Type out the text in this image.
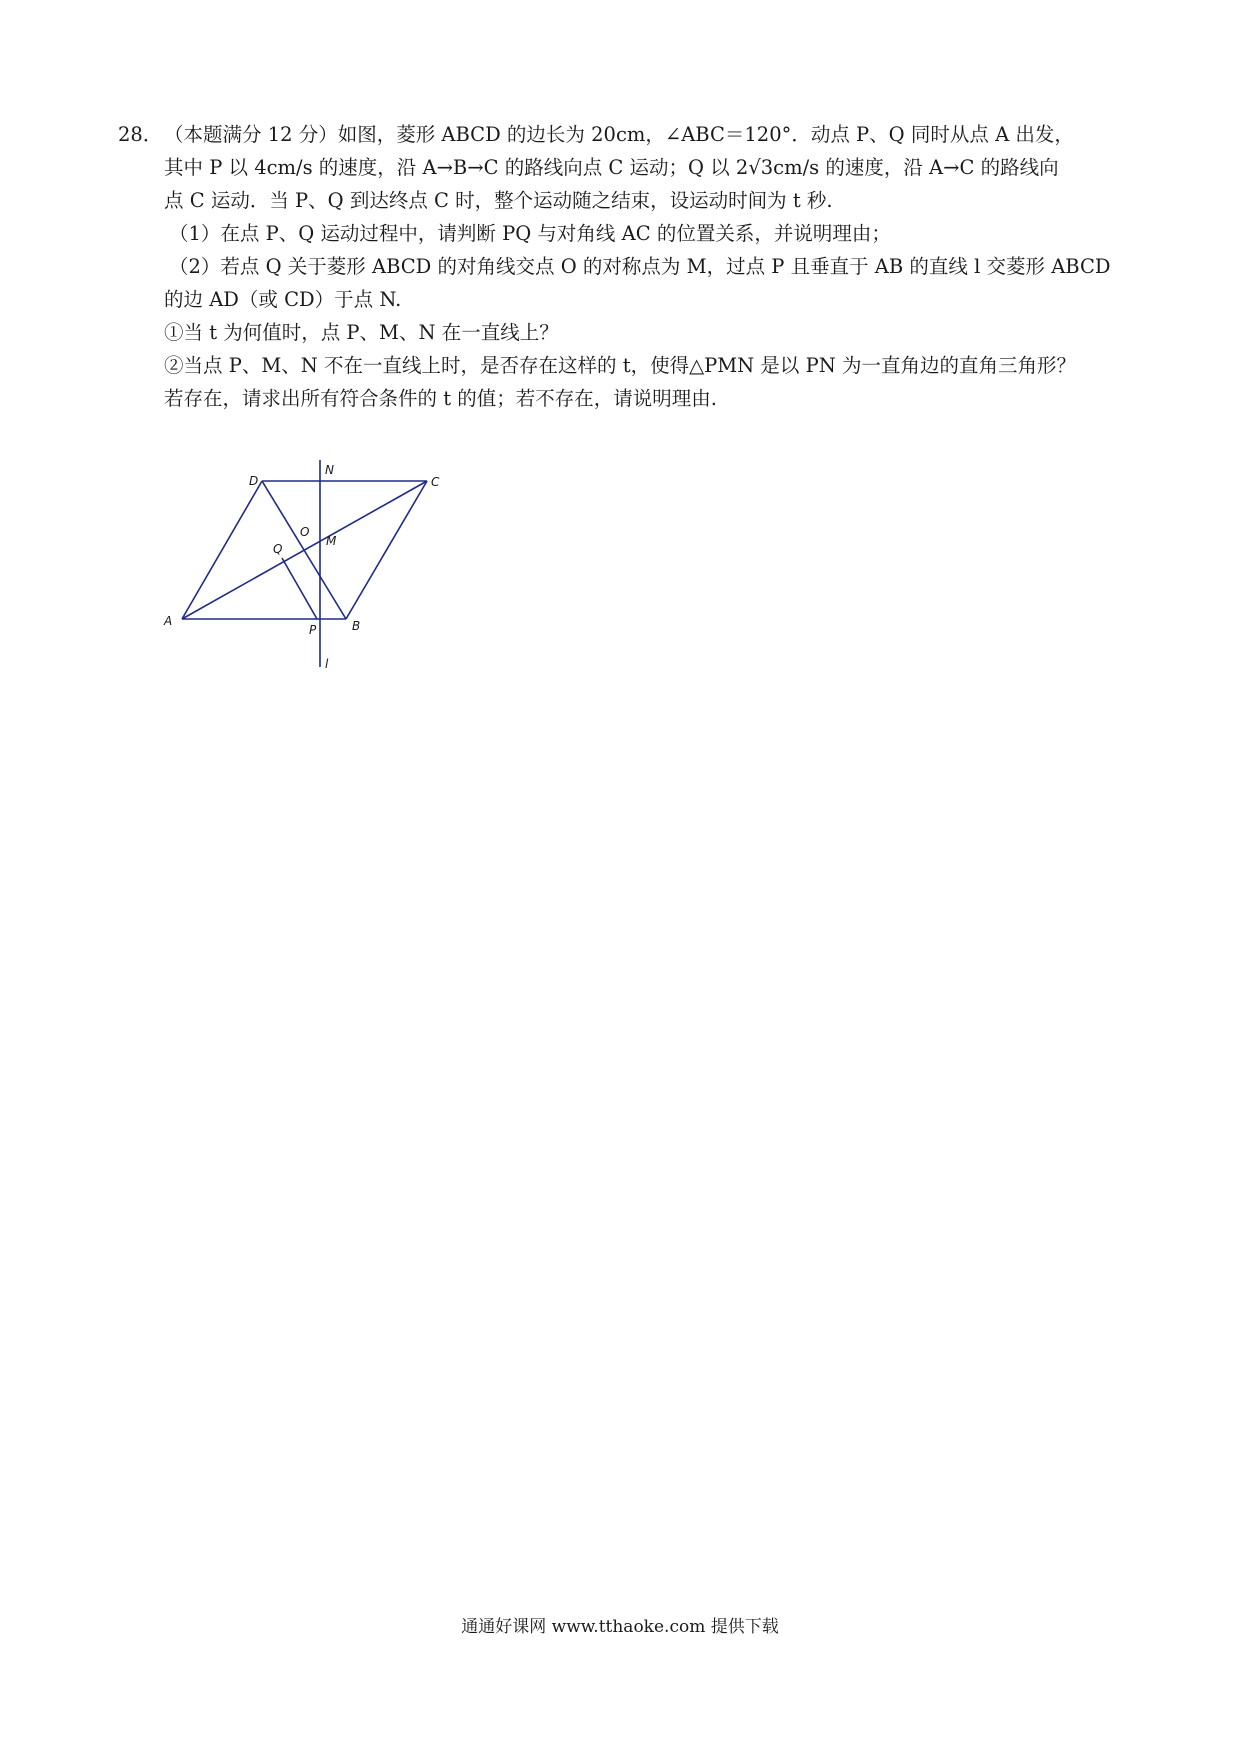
28．（本题满分 12 分）如图，菱形 ABCD 的边长为 20cm，∠ABC＝120°．动点 P、Q 同时从点 A 出发，
其中 P 以 4cm/s 的速度，沿 A→B→C 的路线向点 C 运动；Q 以 2√3cm/s 的速度，沿 A→C 的路线向
点 C 运动．当 P、Q 到达终点 C 时，整个运动随之结束，设运动时间为 t 秒.
（1）在点 P、Q 运动过程中，请判断 PQ 与对角线 AC 的位置关系，并说明理由；
（2）若点 Q 关于菱形 ABCD 的对角线交点 O 的对称点为 M，过点 P 且垂直于 AB 的直线 l 交菱形 ABCD
的边 AD（或 CD）于点 N.
①当 t 为何值时，点 P、M、N 在一直线上？
②当点 P、M、N 不在一直线上时，是否存在这样的 t，使得△PMN 是以 PN 为一直角边的直角三角形？
若存在，请求出所有符合条件的 t 的值；若不存在，请说明理由.
D
N
C
O
Q
M
A
P	B
l
通通好课网 www.tthaoke.com 提供下载
